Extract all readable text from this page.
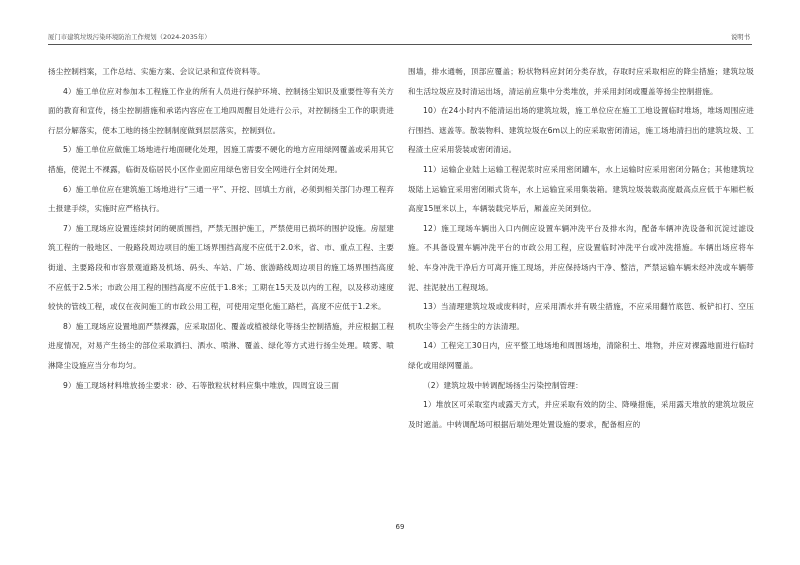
厦门市建筑垃圾污染环境防治工作规划（2024-2035年）	说明书

扬尘控制档案，工作总结、实施方案、会议记录和宣传资料等。

4）施工单位应对参加本工程施工作业的所有人员进行保护环境、控制扬尘知识及重要性等有关方面的教育和宣传，扬尘控制措施和承诺内容应在工地四周醒目处进行公示，对控制扬尘工作的职责进行层分解落实，使本工地的扬尘控制制度做到层层落实，控制到位。

5）施工单位应做施工场地进行地面硬化处理，因施工需要不硬化的地方应用绿网覆盖或采用其它措施，使泥土不裸露，临街及临居民小区作业面应用绿色密目安全网进行全封闭处理。

6）施工单位应在建筑施工场地进行“三通一平”、开挖、回填土方前，必须到相关部门办理工程弃土报建手续，实施时应严格执行。

7）施工现场应设置连续封闭的硬质围挡，严禁无围护施工，严禁使用已损坏的围护设施。房屋建筑工程的一般地区、一般路段周边项目的施工场界围挡高度不应低于2.0米，省、市、重点工程、主要街道、主要路段和市容景观道路及机场、码头、车站、广场、旅游路线周边项目的施工场界围挡高度不应低于2.5米；市政公用工程的围挡高度不应低于1.8米；工期在15天及以内的工程，以及移动速度较快的管线工程，或仅在夜间施工的市政公用工程，可使用定型化施工路栏，高度不应低于1.2米。

8）施工现场应设置地面严禁裸露，应采取固化、覆盖或植被绿化等扬尘控制措施，并应根据工程进度情况，对易产生扬尘的部位采取洒扫、洒水、喷淋、覆盖、绿化等方式进行扬尘处理。喷雾、喷淋降尘设施应当分布均匀。

9）施工现场材料堆放扬尘要求：砂、石等散粒状材料应集中堆放，四周宜设三面

围墙，排水通畅，顶部应覆盖；粉状物料应封闭分类存放，存取时应采取相应的降尘措施；建筑垃圾和生活垃圾应及时清运出场，清运前应集中分类堆放，并采用封闭或覆盖等扬尘控制措施。

10）在24小时内不能清运出场的建筑垃圾，施工单位应在施工工地设置临时堆场，堆场周围应进行围挡、遮盖等。散装物料、建筑垃圾在6m以上的应采取密闭清运，施工场地清扫出的建筑垃圾、工程渣土应采用袋装或密闭清运。

11）运输企业陆上运输工程泥浆时应采用密闭罐车，水上运输时应采用密闭分隔仓；其他建筑垃圾陆上运输宜采用密闭厢式货车，水上运输宜采用集装箱。建筑垃圾装载高度最高点应低于车厢栏板高度15厘米以上，车辆装载完毕后，厢盖应关闭到位。

12）施工现场车辆出入口内侧应设置车辆冲洗平台及排水沟，配备车辆冲洗设备和沉淀过滤设施。不具备设置车辆冲洗平台的市政公用工程，应设置临时冲洗平台或冲洗措施。车辆出场应将车轮、车身冲洗干净后方可离开施工现场，并应保持场内干净、整洁，严禁运输车辆未经冲洗或车辆带泥、挂泥驶出工程现场。

13）当清理建筑垃圾或废料时，应采用洒水并有吸尘措施，不应采用翻竹底笆、板铲扣打、空压机吹尘等会产生扬尘的方法清理。

14）工程完工30日内，应平整工地场地和周围场地，清除积土、堆物，并应对裸露地面进行临时绿化或用绿网覆盖。

（2）建筑垃圾中转调配场扬尘污染控制管理：

1）堆放区可采取室内或露天方式，并应采取有效的防尘、降噪措施，采用露天堆放的建筑垃圾应及时遮盖。中转调配场可根据后端处理处置设施的要求，配备相应的

69
